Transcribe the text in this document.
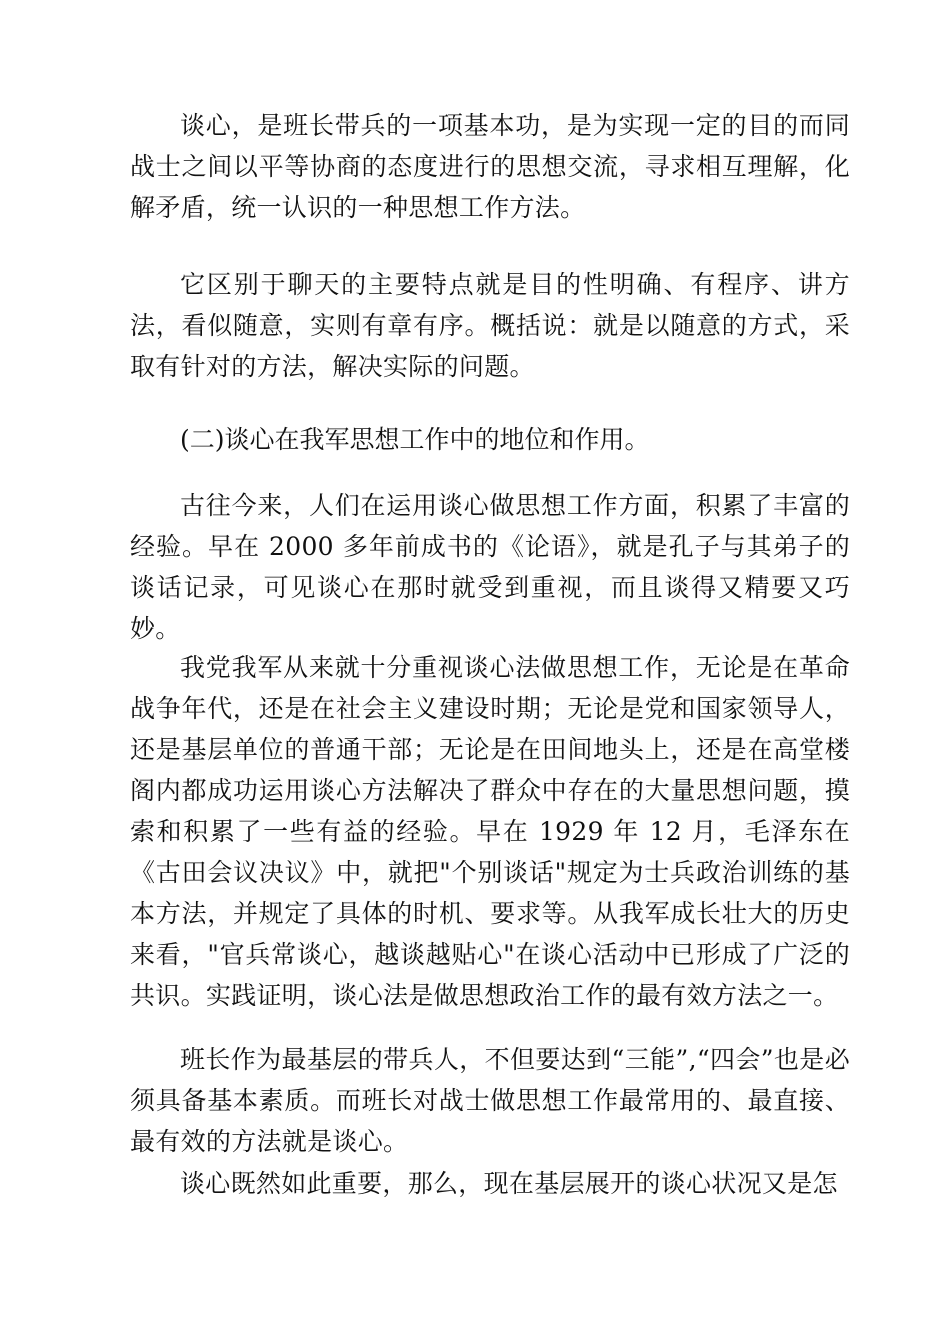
谈心，是班长带兵的一项基本功，是为实现一定的目的而同战士之间以平等协商的态度进行的思想交流，寻求相互理解，化解矛盾，统一认识的一种思想工作方法。

它区别于聊天的主要特点就是目的性明确、有程序、讲方法，看似随意，实则有章有序。概括说：就是以随意的方式，采取有针对的方法，解决实际的问题。

(二)谈心在我军思想工作中的地位和作用。

古往今来，人们在运用谈心做思想工作方面，积累了丰富的经验。早在 2000 多年前成书的《论语》，就是孔子与其弟子的谈话记录，可见谈心在那时就受到重视，而且谈得又精要又巧妙。

我党我军从来就十分重视谈心法做思想工作，无论是在革命战争年代，还是在社会主义建设时期；无论是党和国家领导人，还是基层单位的普通干部；无论是在田间地头上，还是在高堂楼阁内都成功运用谈心方法解决了群众中存在的大量思想问题，摸索和积累了一些有益的经验。早在 1929 年 12 月，毛泽东在《古田会议决议》中，就把"个别谈话"规定为士兵政治训练的基本方法，并规定了具体的时机、要求等。从我军成长壮大的历史来看，"官兵常谈心，越谈越贴心"在谈心活动中已形成了广泛的共识。实践证明，谈心法是做思想政治工作的最有效方法之一。

班长作为最基层的带兵人，不但要达到“三能”,“四会”也是必须具备基本素质。而班长对战士做思想工作最常用的、最直接、最有效的方法就是谈心。

谈心既然如此重要，那么，现在基层展开的谈心状况又是怎
